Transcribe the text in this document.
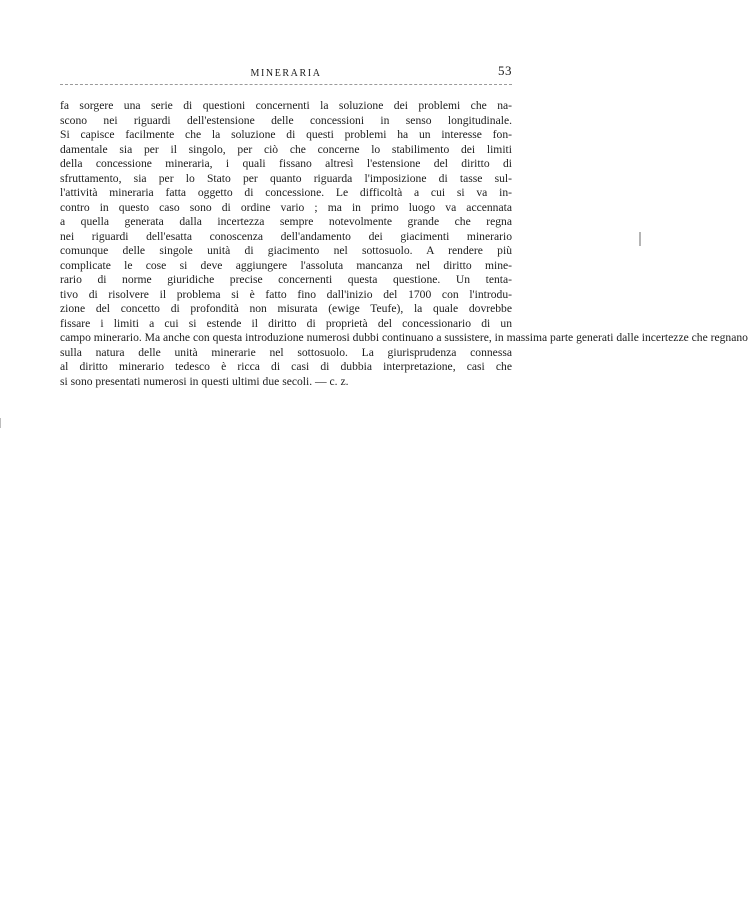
MINERARIA	53
fa sorgere una serie di questioni concernenti la soluzione dei problemi che na-
scono nei riguardi dell'estensione delle concessioni in senso longitudinale.
Si capisce facilmente che la soluzione di questi problemi ha un interesse fon-
damentale sia per il singolo, per ciò che concerne lo stabilimento dei limiti
della concessione mineraria, i quali fissano altresì l'estensione del diritto di
sfruttamento, sia per lo Stato per quanto riguarda l'imposizione di tasse sul-
l'attività mineraria fatta oggetto di concessione. Le difficoltà a cui si va in-
contro in questo caso sono di ordine vario ; ma in primo luogo va accennata
a quella generata dalla incertezza sempre notevolmente grande che regna
nei riguardi dell'esatta conoscenza dell'andamento dei giacimenti minerario
comunque delle singole unità di giacimento nel sottosuolo. A rendere più
complicate le cose si deve aggiungere l'assoluta mancanza nel diritto mine-
rario di norme giuridiche precise concernenti questa questione. Un tenta-
tivo di risolvere il problema si è fatto fino dall'inizio del 1700 con l'introdu-
zione del concetto di profondità non misurata (ewige Teufe), la quale dovrebbe
fissare i limiti a cui si estende il diritto di proprietà del concessionario di un
campo minerario. Ma anche con questa introduzione numerosi dubbi continuano a sussistere, in massima parte generati dalle incertezze che regnano
sulla natura delle unità minerarie nel sottosuolo. La giurisprudenza connessa
al diritto minerario tedesco è ricca di casi di dubbia interpretazione, casi che
si sono presentati numerosi in questi ultimi due secoli. — c. z.
